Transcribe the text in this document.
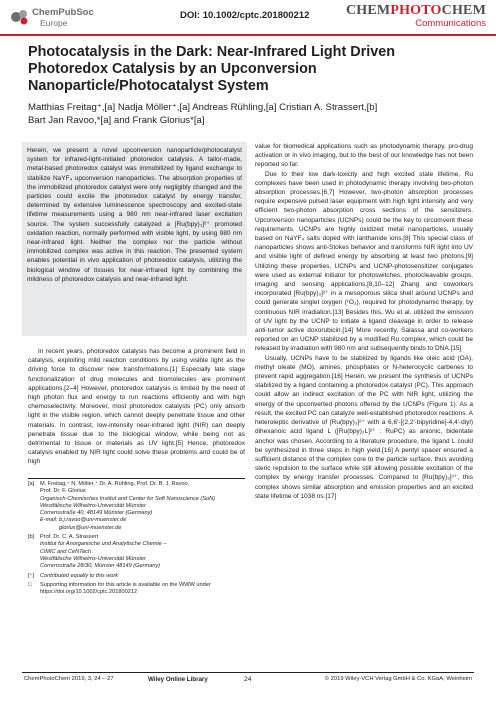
ChemPubSoc
Europe
DOI: 10.1002/cptc.201800212	CHEMPHOTOCHEM
Communications
Photocatalysis in the Dark: Near-Infrared Light Driven Photoredox Catalysis by an Upconversion Nanoparticle/Photocatalyst System
Matthias Freitag⁺,[a] Nadja Möller⁺,[a] Andreas Rühling,[a] Cristian A. Strassert,[b]
Bart Jan Ravoo,*[a] and Frank Glorius*[a]

Herein, we present a novel upconversion nanoparticle/photocatalyst system for infrared-light-initiated photoredox catalysis. A tailor-made, metal-based photoredox catalyst was immobilized by ligand exchange to stabilize NaYF₄ upconversion nanoparticles. The absorption properties of the immobilized photoredox catalyst were only negligibly changed and the particles could excite the photoredox catalyst by energy transfer, determined by extensive luminescence spectroscopy and excited-state lifetime measurements using a 980 nm near-infrared laser excitation source. The system successfully catalyzed a [Ru(bpy)₃]²⁺ promoted oxidation reaction, normally performed with visible light, by using 980 nm near-infrared light. Neither the complex nor the particle without immobilized complex was active in this reaction. The presented system enables potential in vivo application of photoredox catalysis, utilizing the biological window of tissues for near-infrared light by combining the mildness of photoredox catalysis and near-infrared light.

In recent years, photoredox catalysis has become a prominent field in catalysis, exploiting mild reaction conditions by using visible light as the driving force to discover new transformations.[1] Especially late stage functionalization of drug molecules and biomolecules are prominent applications.[2–4] However, photoredox catalysis is limited by the need of high photon flux and energy to run reactions efficiently and with high chemoselectivity. Moreover, most photoredox catalysts (PC) only absorb light in the visible region, which cannot deeply penetrate tissue and other materials. In contrast, low-intensity near-infrared light (NIR) can deeply penetrate tissue due to the biological window, while being not as detrimental to tissue or materials as UV light.[5] Hence, photoredox catalysis enabled by NIR light could solve these problems and could be of high

[a] M. Freitag,⁺ N. Möller,⁺ Dr. A. Rühling, Prof. Dr. B. J. Ravoo,
Prof. Dr. F. Glorius
Organisch-Chemisches Institut and Center for Soft Nanoscience (SoN)
Westfälische Wilhelms-Universität Münster
Corrensstraße 40, 48149 Münster (Germany)
E-mail: b.j.ravoo@uni-muenster.de
glorius@uni-muenster.de
[b] Prof. Dr. C. A. Strassert
Institut für Anorganische und Analytische Chemie –
CiMIC and CeNTech
Westfälische Wilhelms-Universität Münster
Corrensstraße 28/30, Münster 48149 (Germany)
[⁺] Contributed equally to this work
□ Supporting information for this article is available on the WWW under
https://doi.org/10.1002/cptc.201800212

value for biomedical applications such as photodynamic therapy, pro-drug activation or in vivo imaging, but to the best of our knowledge has not been reported so far.

Due to their low dark-toxicity and high excited state lifetime, Ru complexes have been used in photodynamic therapy involving two-photon absorption processes.[6,7] However, two-photon absorption processes require expensive pulsed laser equipment with high light intensity and very efficient two-photon absorption cross sections of the sensitizers. Upconversion nanoparticles (UCNPs) could be the key to circumvent these requirements. UCNPs are highly oxidized metal nanoparticles, usually based on NaYF₄ salts doped with lanthanide ions.[8] This special class of nanoparticles shows anti-Stokes behavior and transforms NIR light into UV and visible light of defined energy by absorbing at least two photons.[9] Utilizing these properties, UCNPs and UCNP-photosensitizer conjugates were used as external initiator for photoswitches, photocleavable groups, imaging and sensing applications.[8,10–12] Zhang and coworkers incorporated [Ru(bpy)₃]²⁺ in a mesoporous silica shell around UCNPs and could generate singlet oxygen (¹O₂), required for photodynamic therapy, by continuous NIR irradiation.[13] Besides this, Wu et al. utilized the emission of UV light by the UCNP to initiate a ligand cleavage in order to release anti-tumor active doxorubicin.[14] More recently, Salassa and co-workers reported on an UCNP stabilized by a modified Ru complex, which could be released by irradiation with 980 nm and subsequently binds to DNA.[15]

Usually, UCNPs have to be stabilized by ligands like oleic acid (OA), methyl oleate (MO), amines, phosphates or N-heterocyclic carbenes to prevent rapid aggregation.[16] Herein, we present the synthesis of UCNPs stabilized by a ligand containing a photoredox catalyst (PC). This approach could allow an indirect excitation of the PC with NIR light, utilizing the energy of the upconverted photons offered by the UCNPs (Figure 1). As a result, the excited PC can catalyze well-established photoredox reactions. A heteroleptic derivative of [Ru(bpy)₃]²⁺ with a 6,6′-[(2,2′-bipyridine]-4,4′-diyl) dihexanoic acid ligand L ([Ru(bpy)₂L]²⁺ : RuPC) as anionic, bidentate anchor was chosen. According to a literature procedure, the ligand L could be synthesized in three steps in high yield.[16] A pentyl spacer ensured a sufficient distance of the complex core to the particle surface, thus avoiding steric repulsion to the surface while still allowing possible excitation of the complex by energy transfer processes. Compared to [Ru(bpy)₃]²⁺, this complex shows similar absorption and emission properties and an excited state lifetime of 1038 ns.[17]

ChemPhotoChem 2019, 3, 24 – 27	Wiley Online Library	24	© 2019 Wiley-VCH Verlag GmbH & Co. KGaA, Weinheim
